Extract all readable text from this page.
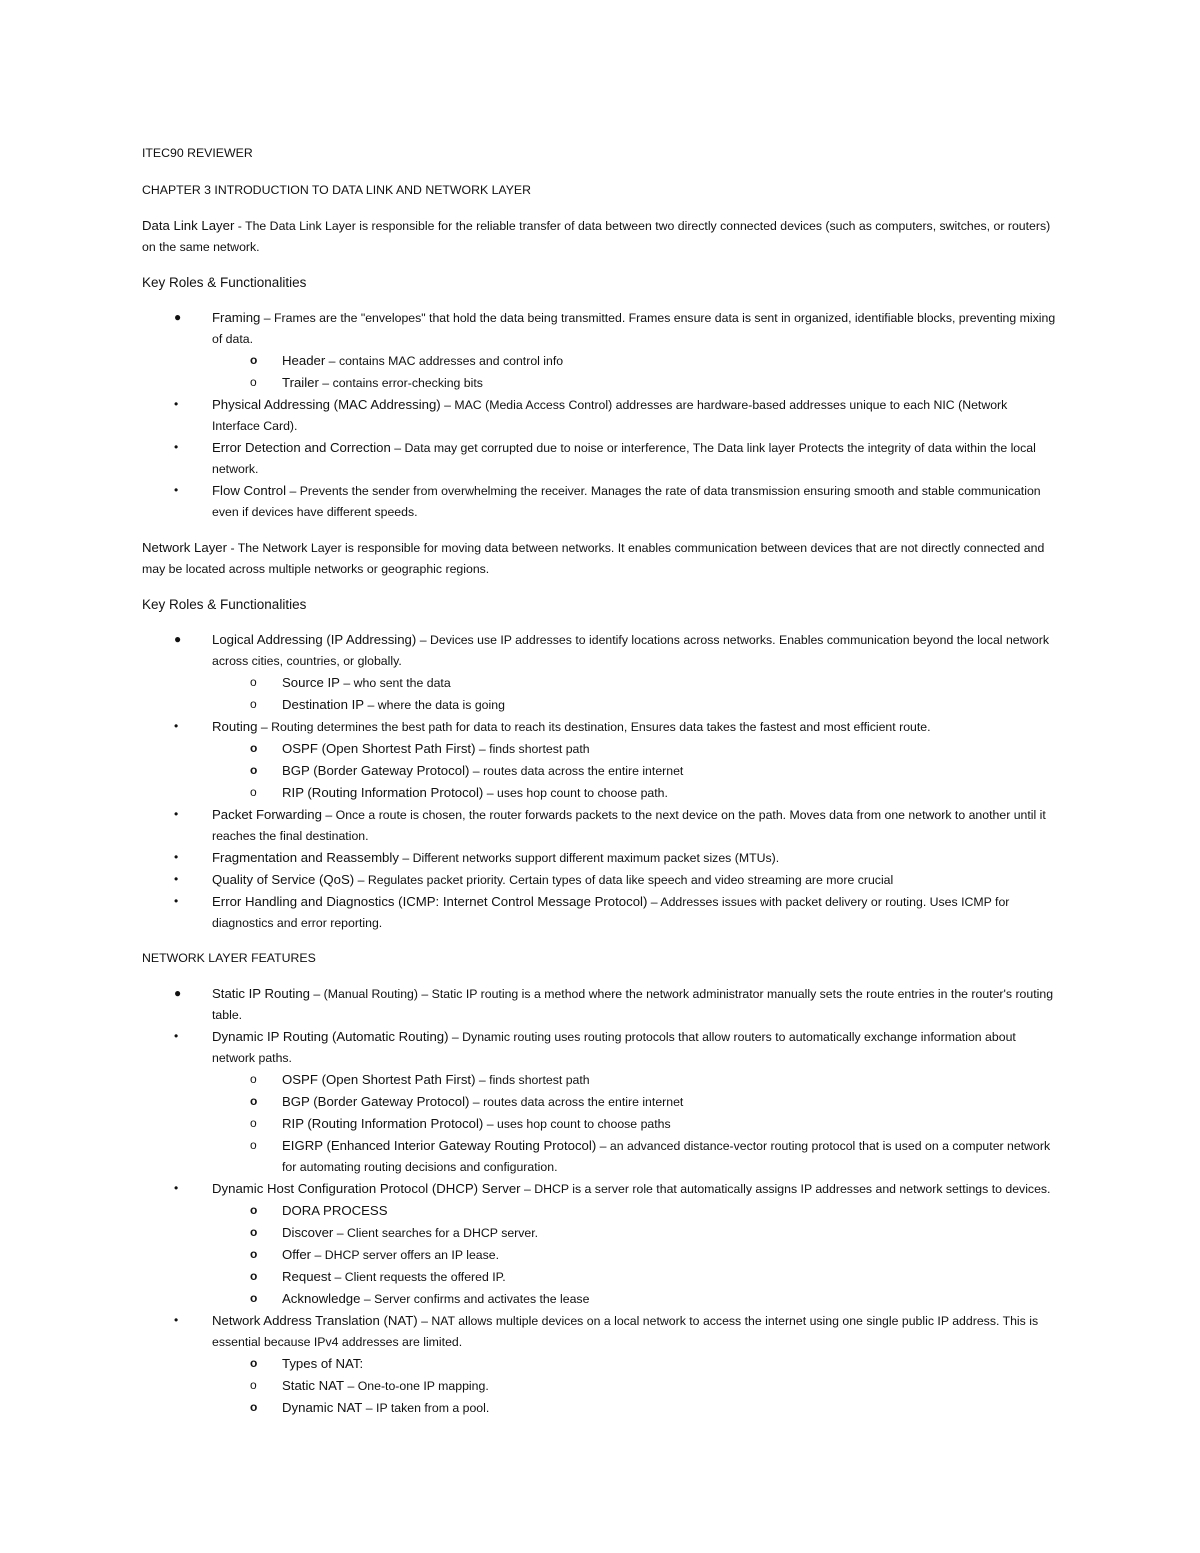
ITEC90 REVIEWER
CHAPTER 3 INTRODUCTION TO DATA LINK AND NETWORK LAYER
Data Link Layer - The Data Link Layer is responsible for the reliable transfer of data between two directly connected devices (such as computers, switches, or routers) on the same network.
Key Roles & Functionalities
● Framing – Frames are the "envelopes" that hold the data being transmitted. Frames ensure data is sent in organized, identifiable blocks, preventing mixing of data.
o Header – contains MAC addresses and control info
o Trailer – contains error-checking bits
•	Physical Addressing (MAC Addressing) – MAC (Media Access Control) addresses are hardware-based addresses unique to each NIC (Network Interface Card).
•	Error Detection and Correction – Data may get corrupted due to noise or interference, The Data link layer Protects the integrity of data within the local network.
•	Flow Control – Prevents the sender from overwhelming the receiver. Manages the rate of data transmission ensuring smooth and stable communication even if devices have different speeds.
Network Layer - The Network Layer is responsible for moving data between networks. It enables communication between devices that are not directly connected and may be located across multiple networks or geographic regions.
Key Roles & Functionalities
● Logical Addressing (IP Addressing) – Devices use IP addresses to identify locations across networks. Enables communication beyond the local network across cities, countries, or globally.
o Source IP – who sent the data
o Destination IP – where the data is going
•	Routing – Routing determines the best path for data to reach its destination, Ensures data takes the fastest and most efficient route.
o OSPF (Open Shortest Path First) – finds shortest path
o BGP (Border Gateway Protocol) – routes data across the entire internet
o RIP (Routing Information Protocol) – uses hop count to choose path.
•	Packet Forwarding – Once a route is chosen, the router forwards packets to the next device on the path. Moves data from one network to another until it reaches the final destination.
•	Fragmentation and Reassembly – Different networks support different maximum packet sizes (MTUs).
•	Quality of Service (QoS) – Regulates packet priority. Certain types of data like speech and video streaming are more crucial
•	Error Handling and Diagnostics (ICMP: Internet Control Message Protocol) – Addresses issues with packet delivery or routing. Uses ICMP for diagnostics and error reporting.
NETWORK LAYER FEATURES
● Static IP Routing – (Manual Routing) – Static IP routing is a method where the network administrator manually sets the route entries in the router's routing table.
•	Dynamic IP Routing (Automatic Routing) – Dynamic routing uses routing protocols that allow routers to automatically exchange information about network paths.
o OSPF (Open Shortest Path First) – finds shortest path
o BGP (Border Gateway Protocol) – routes data across the entire internet
o RIP (Routing Information Protocol) – uses hop count to choose paths
o EIGRP (Enhanced Interior Gateway Routing Protocol) – an advanced distance-vector routing protocol that is used on a computer network for automating routing decisions and configuration.
•	Dynamic Host Configuration Protocol (DHCP) Server – DHCP is a server role that automatically assigns IP addresses and network settings to devices.
o DORA PROCESS
o Discover – Client searches for a DHCP server.
o Offer – DHCP server offers an IP lease.
o Request – Client requests the offered IP.
o Acknowledge – Server confirms and activates the lease
•	Network Address Translation (NAT) – NAT allows multiple devices on a local network to access the internet using one single public IP address. This is essential because IPv4 addresses are limited.
o Types of NAT:
o Static NAT – One-to-one IP mapping.
o Dynamic NAT – IP taken from a pool.
